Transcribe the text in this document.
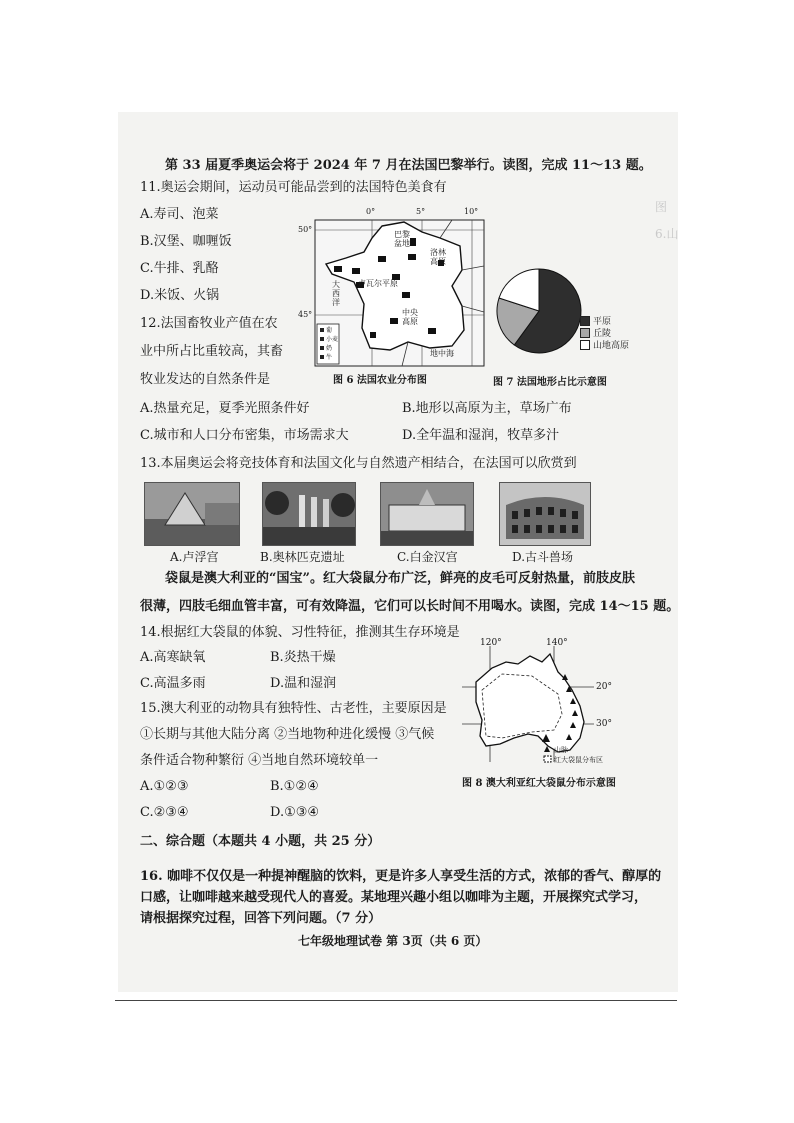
图
6.山
第 33 届夏季奥运会将于 2024 年 7 月在法国巴黎举行。读图，完成 11～13 题。
11.奥运会期间，运动员可能品尝到的法国特色美食有
A.寿司、泡菜
B.汉堡、咖喱饭
C.牛排、乳酪
D.米饭、火锅
12.法国畜牧业产值在农
业中所占比重较高，其畜
牧业发达的自然条件是
A.热量充足，夏季光照条件好	B.地形以高原为主，草场广布
C.城市和人口分布密集，市场需求大	D.全年温和湿润，牧草多汁
0°	5°	10°
50°
45°
巴黎盆地
洛林高原
卢瓦尔平原
大西洋
中央高原
地中海
葡
小麦
奶
牛
图 6 法国农业分布图
平原
丘陵
山地高原
图 7 法国地形占比示意图
13.本届奥运会将竞技体育和法国文化与自然遗产相结合，在法国可以欣赏到
A.卢浮宫	B.奥林匹克遗址	C.白金汉宫	D.古斗兽场
袋鼠是澳大利亚的“国宝”。红大袋鼠分布广泛，鲜亮的皮毛可反射热量，前肢皮肤
很薄，四肢毛细血管丰富，可有效降温，它们可以长时间不用喝水。读图，完成 14～15 题。
14.根据红大袋鼠的体貌、习性特征，推测其生存环境是
A.高寒缺氧	B.炎热干燥
C.高温多雨	D.温和湿润
15.澳大利亚的动物具有独特性、古老性，主要原因是
①长期与其他大陆分离 ②当地物种进化缓慢 ③气候
条件适合物种繁衍 ④当地自然环境较单一
A.①②③	B.①②④
C.②③④	D.①③④
120°	140°
20°
30°
山脉
红大袋鼠分布区
图 8 澳大利亚红大袋鼠分布示意图
二、综合题（本题共 4 小题，共 25 分）
16. 咖啡不仅仅是一种提神醒脑的饮料，更是许多人享受生活的方式，浓郁的香气、醇厚的
口感，让咖啡越来越受现代人的喜爱。某地理兴趣小组以咖啡为主题，开展探究式学习，
请根据探究过程，回答下列问题。（7 分）
七年级地理试卷 第 3页（共 6 页）
